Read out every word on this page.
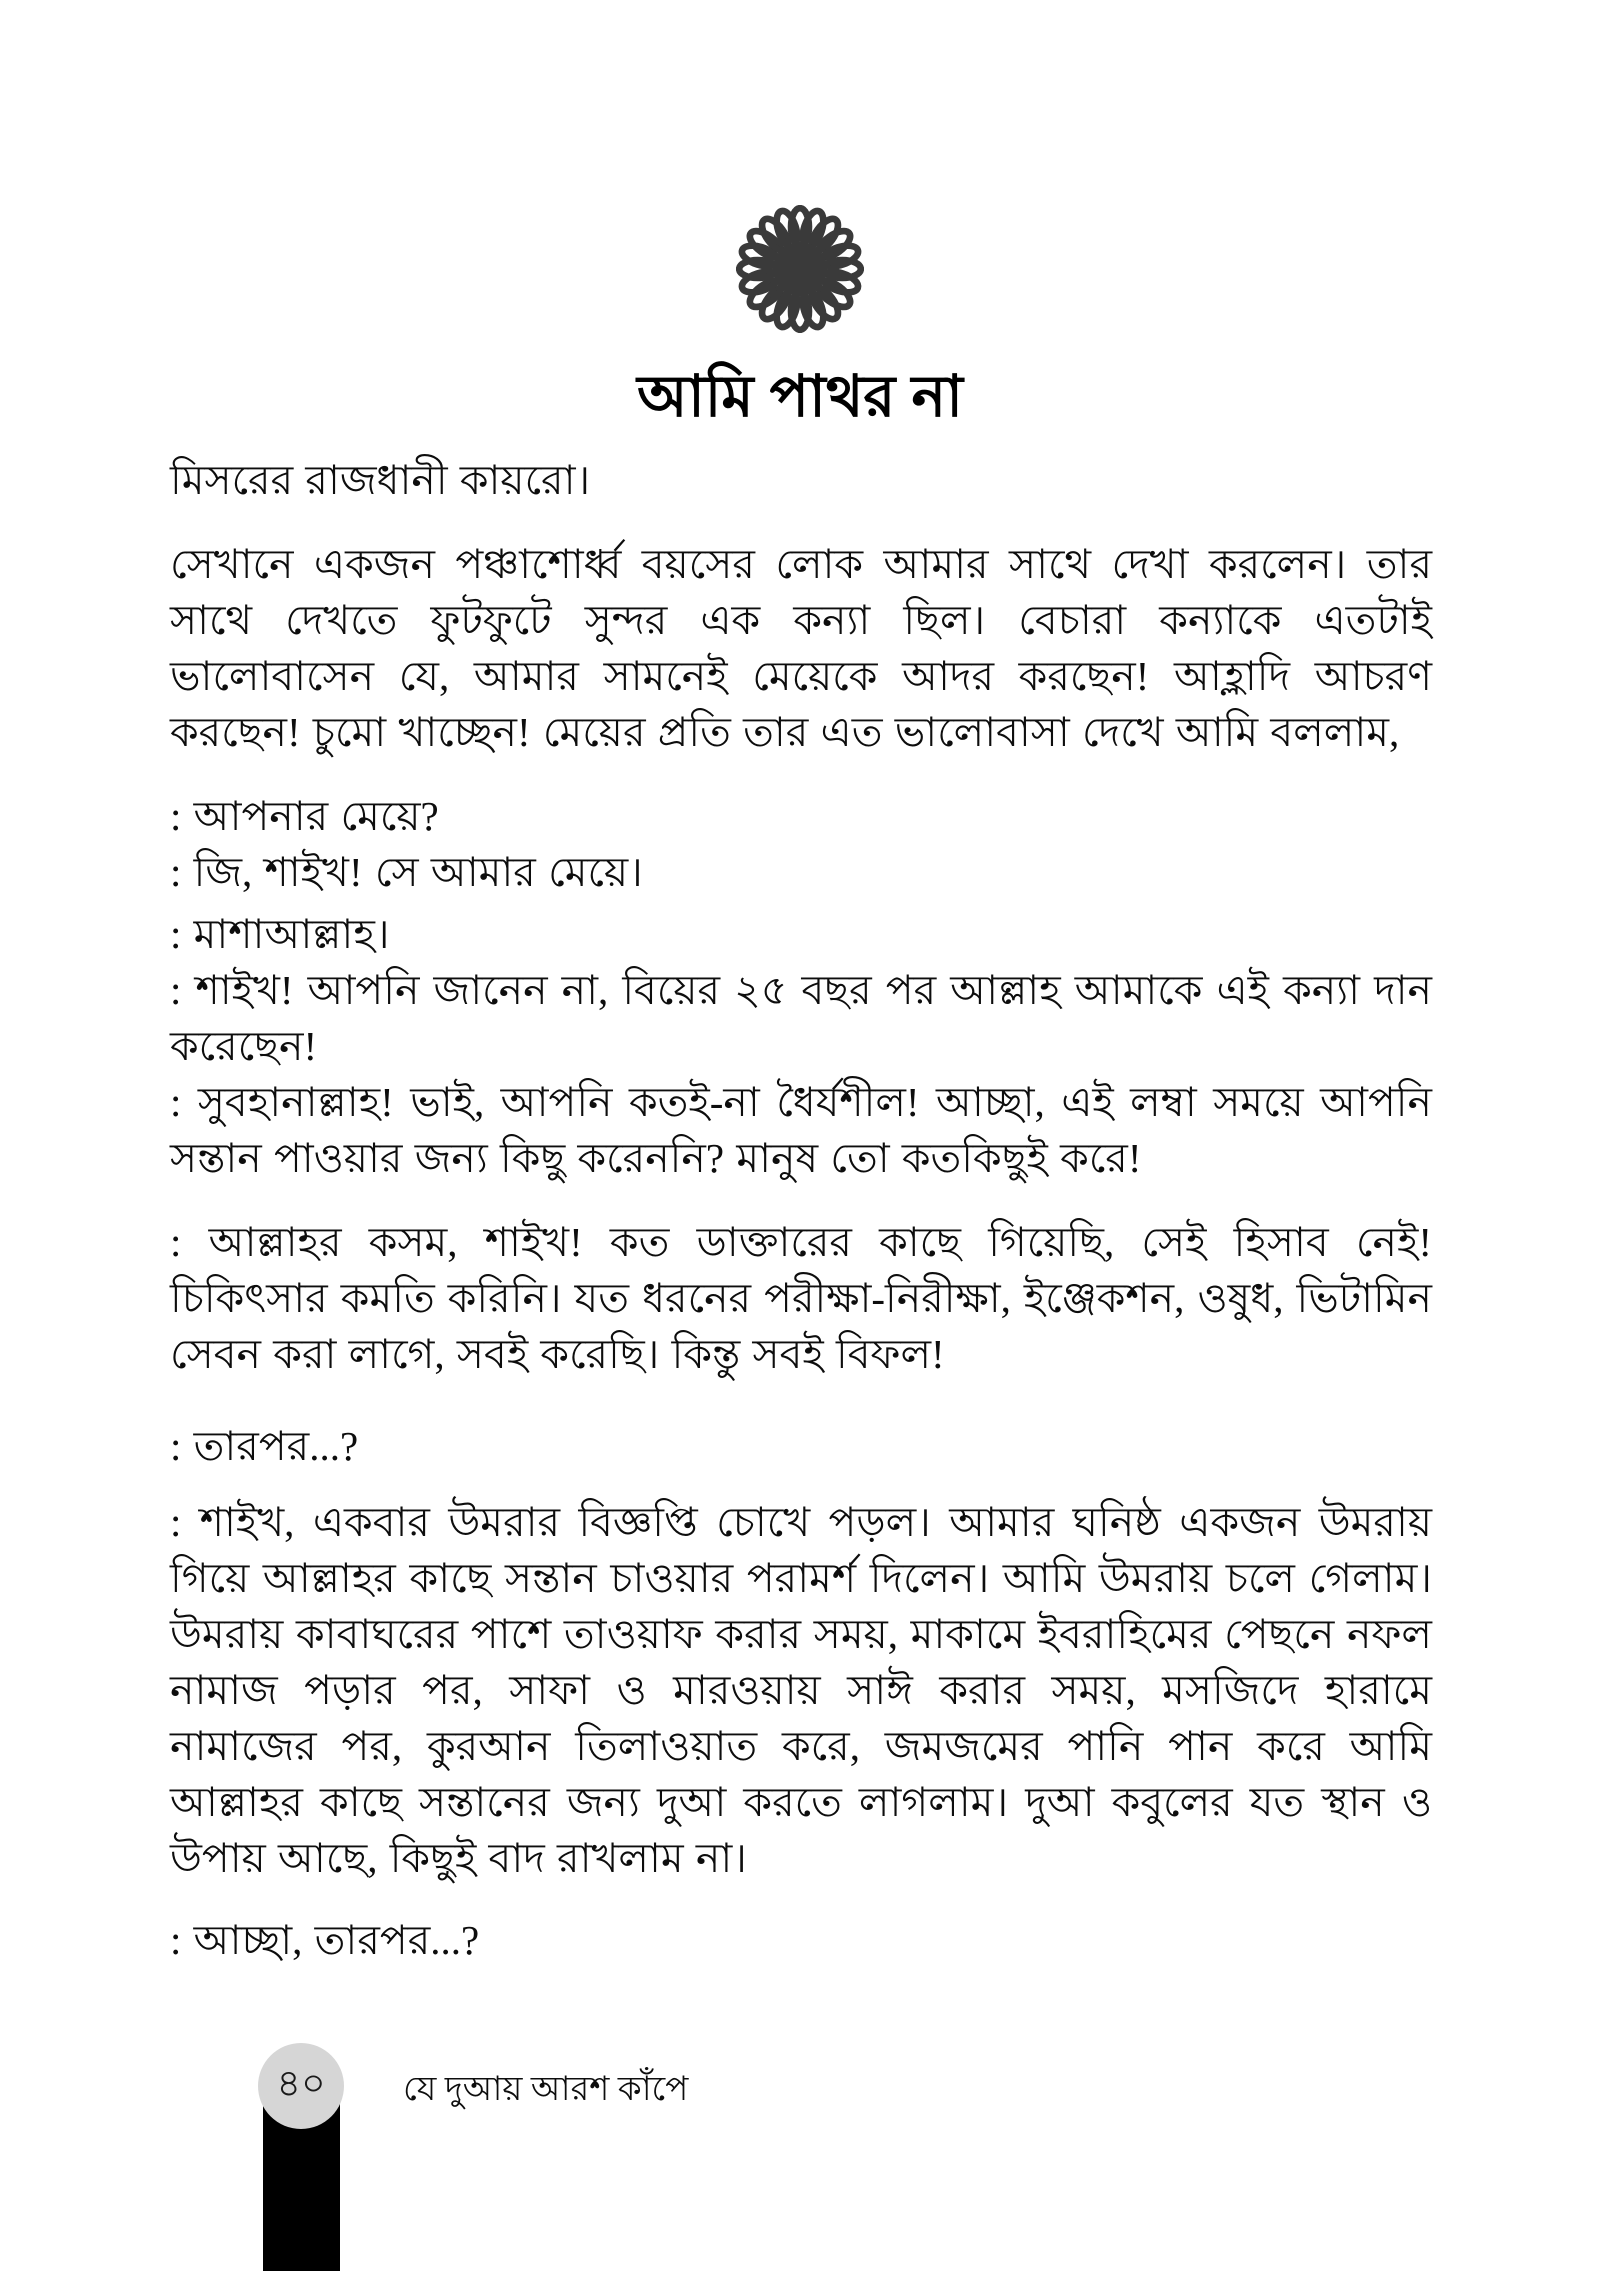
আমি পাথর না

মিসরের রাজধানী কায়রো।

সেখানে একজন পঞ্চাশোর্ধ্ব বয়সের লোক আমার সাথে দেখা করলেন। তার সাথে দেখতে ফুটফুটে সুন্দর এক কন্যা ছিল। বেচারা কন্যাকে এতটাই ভালোবাসেন যে, আমার সামনেই মেয়েকে আদর করছেন! আহ্লাদি আচরণ করছেন! চুমো খাচ্ছেন! মেয়ের প্রতি তার এত ভালোবাসা দেখে আমি বললাম,

: আপনার মেয়ে?

: জি, শাইখ! সে আমার মেয়ে।

: মাশাআল্লাহ।

: শাইখ! আপনি জানেন না, বিয়ের ২৫ বছর পর আল্লাহ আমাকে এই কন্যা দান করেছেন!

: সুবহানাল্লাহ! ভাই, আপনি কতই-না ধৈর্যশীল! আচ্ছা, এই লম্বা সময়ে আপনি সন্তান পাওয়ার জন্য কিছু করেননি? মানুষ তো কতকিছুই করে!

: আল্লাহর কসম, শাইখ! কত ডাক্তারের কাছে গিয়েছি, সেই হিসাব নেই! চিকিৎসার কমতি করিনি। যত ধরনের পরীক্ষা-নিরীক্ষা, ইঞ্জেকশন, ওষুধ, ভিটামিন সেবন করা লাগে, সবই করেছি। কিন্তু সবই বিফল!

: তারপর...?

: শাইখ, একবার উমরার বিজ্ঞপ্তি চোখে পড়ল। আমার ঘনিষ্ঠ একজন উমরায় গিয়ে আল্লাহর কাছে সন্তান চাওয়ার পরামর্শ দিলেন। আমি উমরায় চলে গেলাম। উমরায় কাবাঘরের পাশে তাওয়াফ করার সময়, মাকামে ইবরাহিমের পেছনে নফল নামাজ পড়ার পর, সাফা ও মারওয়ায় সাঈ করার সময়, মসজিদে হারামে নামাজের পর, কুরআন তিলাওয়াত করে, জমজমের পানি পান করে আমি আল্লাহর কাছে সন্তানের জন্য দুআ করতে লাগলাম। দুআ কবুলের যত স্থান ও উপায় আছে, কিছুই বাদ রাখলাম না।

: আচ্ছা, তারপর...?

৪০ যে দুআয় আরশ কাঁপে
